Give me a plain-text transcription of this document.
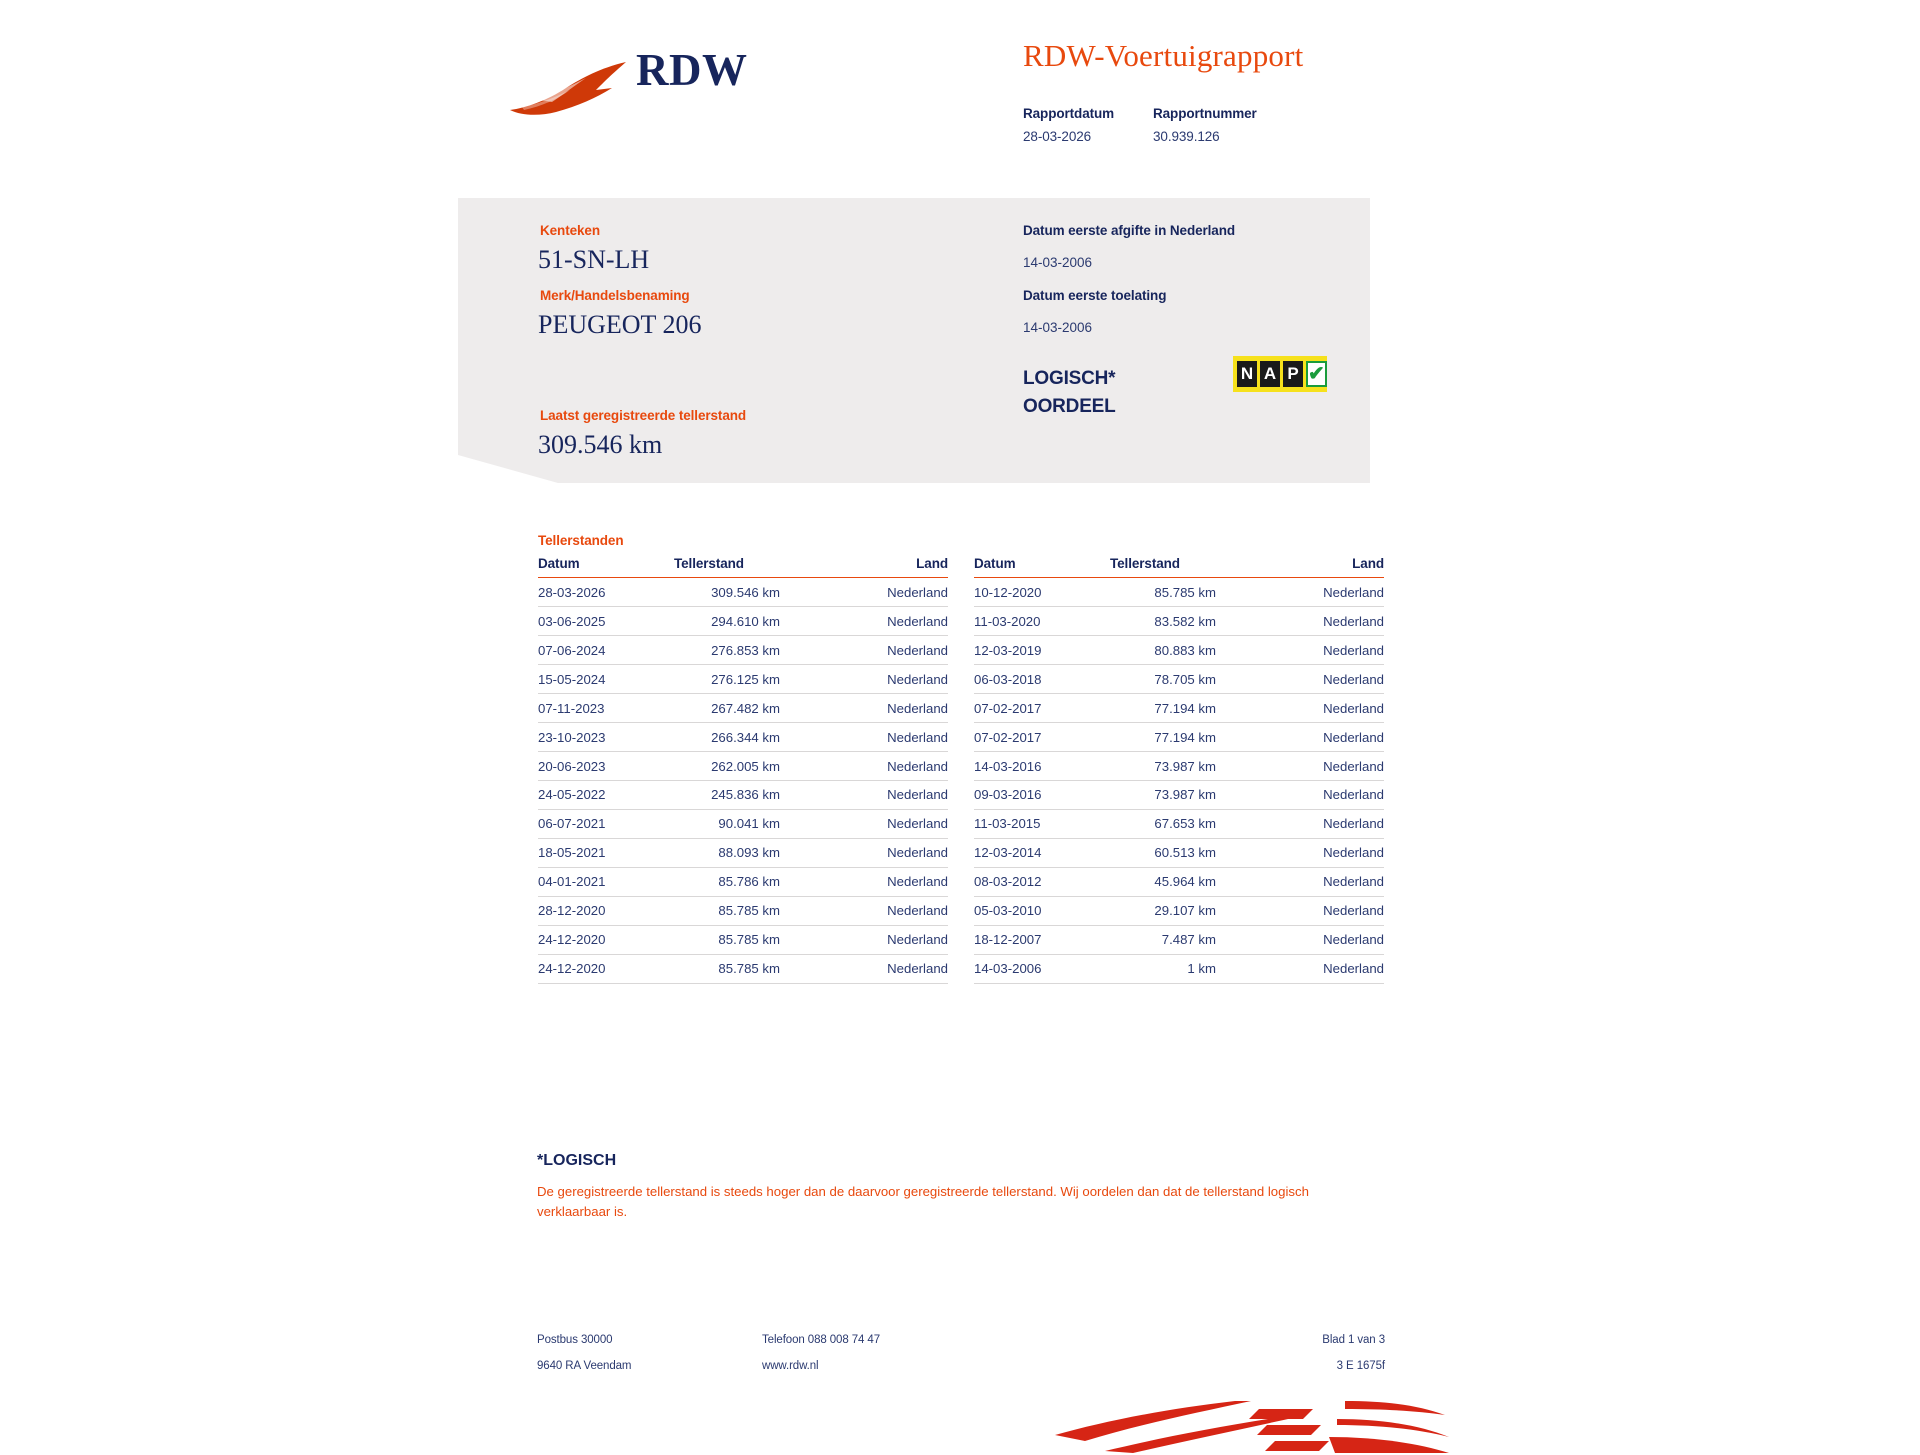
RDW	RDW-Voertuigrapport
Rapportdatum
28-03-2026
Rapportnummer
30.939.126
Kenteken
51-SN-LH
Merk/Handelsbenaming
PEUGEOT 206
Laatst geregistreerde tellerstand
309.546 km
Datum eerste afgifte in Nederland
14-03-2006
Datum eerste toelating
14-03-2006
LOGISCH*
OORDEEL
N A P ✔
Tellerstanden
Datum	Tellerstand	Land
28-03-2026	309.546 km	Nederland
03-06-2025	294.610 km	Nederland
07-06-2024	276.853 km	Nederland
15-05-2024	276.125 km	Nederland
07-11-2023	267.482 km	Nederland
23-10-2023	266.344 km	Nederland
20-06-2023	262.005 km	Nederland
24-05-2022	245.836 km	Nederland
06-07-2021	90.041 km	Nederland
18-05-2021	88.093 km	Nederland
04-01-2021	85.786 km	Nederland
28-12-2020	85.785 km	Nederland
24-12-2020	85.785 km	Nederland
24-12-2020	85.785 km	Nederland
Datum	Tellerstand	Land
10-12-2020	85.785 km	Nederland
11-03-2020	83.582 km	Nederland
12-03-2019	80.883 km	Nederland
06-03-2018	78.705 km	Nederland
07-02-2017	77.194 km	Nederland
07-02-2017	77.194 km	Nederland
14-03-2016	73.987 km	Nederland
09-03-2016	73.987 km	Nederland
11-03-2015	67.653 km	Nederland
12-03-2014	60.513 km	Nederland
08-03-2012	45.964 km	Nederland
05-03-2010	29.107 km	Nederland
18-12-2007	7.487 km	Nederland
14-03-2006	1 km	Nederland
*LOGISCH
De geregistreerde tellerstand is steeds hoger dan de daarvoor geregistreerde tellerstand. Wij oordelen dan dat de tellerstand logisch verklaarbaar is.
Postbus 30000
9640 RA Veendam
Telefoon 088 008 74 47
www.rdw.nl
Blad 1 van 3
3 E 1675f
